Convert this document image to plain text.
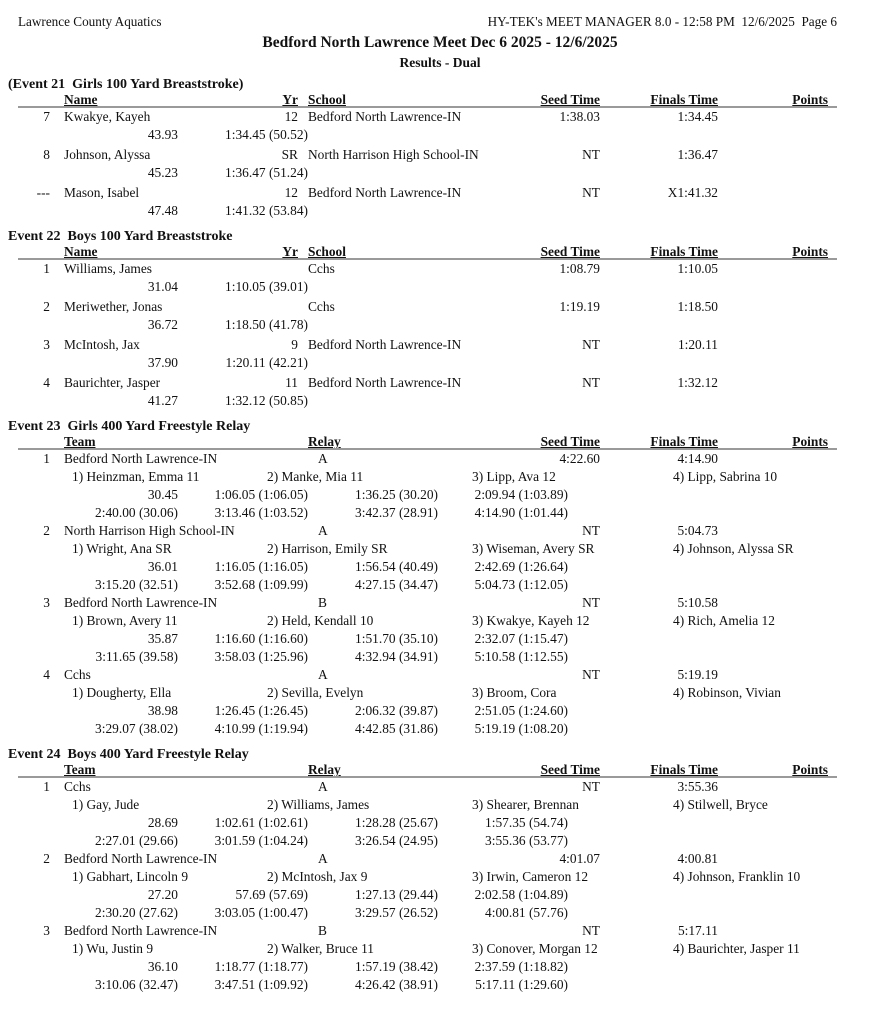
Lawrence County Aquatics	HY-TEK's MEET MANAGER 8.0 - 12:58 PM  12/6/2025  Page 6
Bedford North Lawrence Meet Dec 6 2025 - 12/6/2025
Results - Dual
(Event 21  Girls 100 Yard Breaststroke)
Name	Yr School	Seed Time	Finals Time	Points
7 Kwakye, Kayeh	12 Bedford North Lawrence-IN	1:38.03	1:34.45
43.93	1:34.45 (50.52)
8 Johnson, Alyssa	SR North Harrison High School-IN	NT	1:36.47
45.23	1:36.47 (51.24)
--- Mason, Isabel	12 Bedford North Lawrence-IN	NT	X1:41.32
47.48	1:41.32 (53.84)
Event 22  Boys 100 Yard Breaststroke
Name	Yr School	Seed Time	Finals Time	Points
1 Williams, James	Cchs	1:08.79	1:10.05
31.04	1:10.05 (39.01)
2 Meriwether, Jonas	Cchs	1:19.19	1:18.50
36.72	1:18.50 (41.78)
3 McIntosh, Jax	9 Bedford North Lawrence-IN	NT	1:20.11
37.90	1:20.11 (42.21)
4 Baurichter, Jasper	11 Bedford North Lawrence-IN	NT	1:32.12
41.27	1:32.12 (50.85)
Event 23  Girls 400 Yard Freestyle Relay
Team	Relay	Seed Time	Finals Time	Points
1 Bedford North Lawrence-IN	A	4:22.60	4:14.90
1) Heinzman, Emma 11	2) Manke, Mia 11	3) Lipp, Ava 12	4) Lipp, Sabrina 10
30.45	1:06.05 (1:06.05)	1:36.25 (30.20)	2:09.94 (1:03.89)
2:40.00 (30.06)	3:13.46 (1:03.52)	3:42.37 (28.91)	4:14.90 (1:01.44)
2 North Harrison High School-IN	A	NT	5:04.73
1) Wright, Ana SR	2) Harrison, Emily SR	3) Wiseman, Avery SR	4) Johnson, Alyssa SR
36.01	1:16.05 (1:16.05)	1:56.54 (40.49)	2:42.69 (1:26.64)
3:15.20 (32.51)	3:52.68 (1:09.99)	4:27.15 (34.47)	5:04.73 (1:12.05)
3 Bedford North Lawrence-IN	B	NT	5:10.58
1) Brown, Avery 11	2) Held, Kendall 10	3) Kwakye, Kayeh 12	4) Rich, Amelia 12
35.87	1:16.60 (1:16.60)	1:51.70 (35.10)	2:32.07 (1:15.47)
3:11.65 (39.58)	3:58.03 (1:25.96)	4:32.94 (34.91)	5:10.58 (1:12.55)
4 Cchs	A	NT	5:19.19
1) Dougherty, Ella	2) Sevilla, Evelyn	3) Broom, Cora	4) Robinson, Vivian
38.98	1:26.45 (1:26.45)	2:06.32 (39.87)	2:51.05 (1:24.60)
3:29.07 (38.02)	4:10.99 (1:19.94)	4:42.85 (31.86)	5:19.19 (1:08.20)
Event 24  Boys 400 Yard Freestyle Relay
Team	Relay	Seed Time	Finals Time	Points
1 Cchs	A	NT	3:55.36
1) Gay, Jude	2) Williams, James	3) Shearer, Brennan	4) Stilwell, Bryce
28.69	1:02.61 (1:02.61)	1:28.28 (25.67)	1:57.35 (54.74)
2:27.01 (29.66)	3:01.59 (1:04.24)	3:26.54 (24.95)	3:55.36 (53.77)
2 Bedford North Lawrence-IN	A	4:01.07	4:00.81
1) Gabhart, Lincoln 9	2) McIntosh, Jax 9	3) Irwin, Cameron 12	4) Johnson, Franklin 10
27.20	57.69 (57.69)	1:27.13 (29.44)	2:02.58 (1:04.89)
2:30.20 (27.62)	3:03.05 (1:00.47)	3:29.57 (26.52)	4:00.81 (57.76)
3 Bedford North Lawrence-IN	B	NT	5:17.11
1) Wu, Justin 9	2) Walker, Bruce 11	3) Conover, Morgan 12	4) Baurichter, Jasper 11
36.10	1:18.77 (1:18.77)	1:57.19 (38.42)	2:37.59 (1:18.82)
3:10.06 (32.47)	3:47.51 (1:09.92)	4:26.42 (38.91)	5:17.11 (1:29.60)
